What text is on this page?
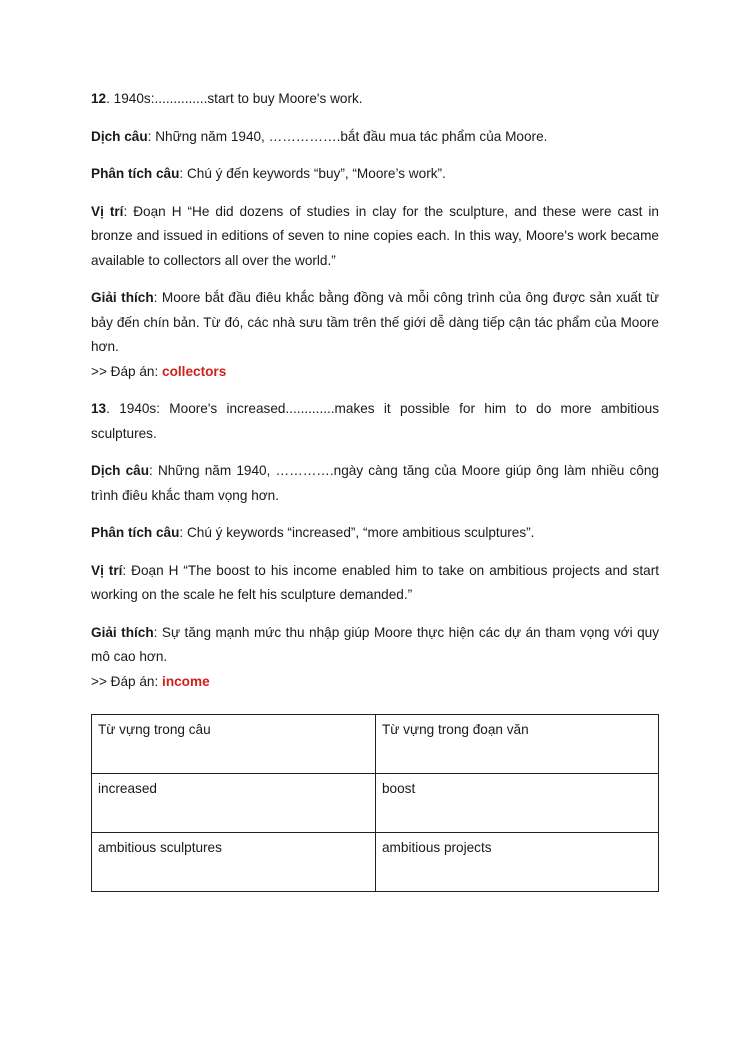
12. 1940s:..............start to buy Moore's work.

Dịch câu: Những năm 1940, …………….bắt đầu mua tác phẩm của Moore.

Phân tích câu: Chú ý đến keywords “buy”, “Moore’s work”.

Vị trí: Đoạn H “He did dozens of studies in clay for the sculpture, and these were cast in bronze and issued in editions of seven to nine copies each. In this way, Moore's work became available to collectors all over the world.”

Giải thích: Moore bắt đầu điêu khắc bằng đồng và mỗi công trình của ông được sản xuất từ bảy đến chín bản. Từ đó, các nhà sưu tầm trên thế giới dễ dàng tiếp cận tác phẩm của Moore hơn.

>> Đáp án: collectors

13. 1940s: Moore's increased.............makes it possible for him to do more ambitious sculptures.

Dịch câu: Những năm 1940, ………….ngày càng tăng của Moore giúp ông làm nhiều công trình điêu khắc tham vọng hơn.

Phân tích câu: Chú ý keywords “increased”, “more ambitious sculptures”.

Vị trí: Đoạn H “The boost to his income enabled him to take on ambitious projects and start working on the scale he felt his sculpture demanded.”

Giải thích: Sự tăng mạnh mức thu nhập giúp Moore thực hiện các dự án tham vọng với quy mô cao hơn.

>> Đáp án: income

Từ vựng trong câu	Từ vựng trong đoạn văn
increased	boost
ambitious sculptures	ambitious projects
